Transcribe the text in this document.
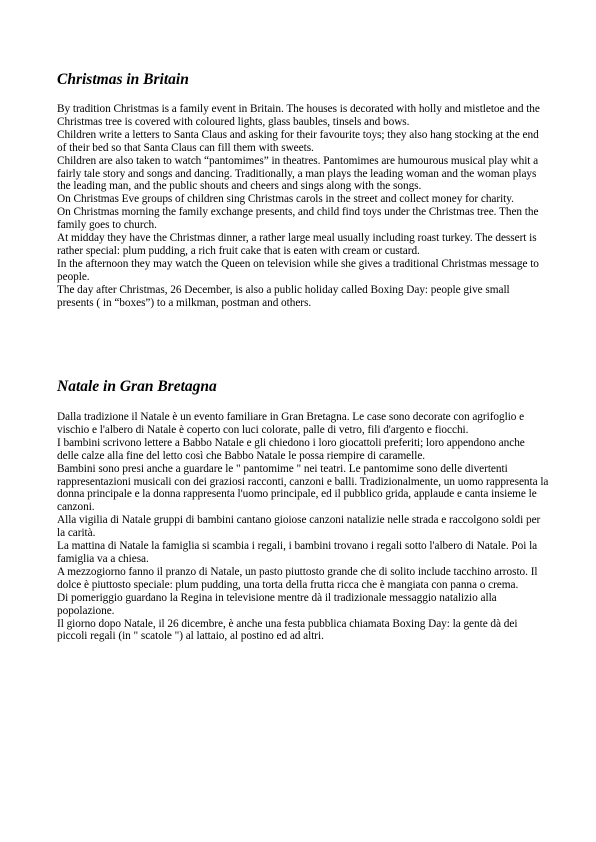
Christmas in Britain

By tradition Christmas is a family event in Britain. The houses is decorated with holly and mistletoe and the Christmas tree is covered with coloured lights, glass baubles, tinsels and bows.

Children write a letters to Santa Claus and asking for their favourite toys; they also hang stocking at the end of their bed so that Santa Claus can fill them with sweets.

Children are also taken to watch “pantomimes” in theatres. Pantomimes are humourous musical play whit a fairly tale story and songs and dancing. Traditionally, a man plays the leading woman and the woman plays the leading man, and the public shouts and cheers and sings along with the songs.

On Christmas Eve groups of children sing Christmas carols in the street and collect money for charity.

On Christmas morning the family exchange presents, and child find toys under the Christmas tree. Then the family goes to church.

At midday they have the Christmas dinner, a rather large meal usually including roast turkey. The dessert is rather special: plum pudding, a rich fruit cake that is eaten with cream or custard.

In the afternoon they may watch the Queen on television while she gives a traditional Christmas message to people.

The day after Christmas, 26 December, is also a public holiday called Boxing Day: people give small presents ( in “boxes”) to a milkman, postman and others.

Natale in Gran Bretagna

Dalla tradizione il Natale è un evento familiare in Gran Bretagna. Le case sono decorate con agrifoglio e vischio e l'albero di Natale è coperto con luci colorate, palle di vetro, fili d'argento e fiocchi.

I bambini scrivono lettere a Babbo Natale e gli chiedono i loro giocattoli preferiti; loro appendono anche delle calze alla fine del letto così che Babbo Natale le possa riempire di caramelle.

Bambini sono presi anche a guardare le " pantomime " nei teatri. Le pantomime sono delle divertenti rappresentazioni musicali con dei graziosi racconti, canzoni e balli. Tradizionalmente, un uomo rappresenta la donna principale e la donna rappresenta l'uomo principale, ed il pubblico grida, applaude e canta insieme le canzoni.

Alla vigilia di Natale gruppi di bambini cantano gioiose canzoni natalizie nelle strada e raccolgono soldi per la carità.

La mattina di Natale la famiglia si scambia i regali, i bambini trovano i regali sotto l'albero di Natale. Poi la famiglia va a chiesa.

A mezzogiorno fanno il pranzo di Natale, un pasto piuttosto grande che di solito include tacchino arrosto. Il dolce è piuttosto speciale: plum pudding, una torta della frutta ricca che è mangiata con panna o crema.

Di pomeriggio guardano la Regina in televisione mentre dà il tradizionale messaggio natalizio alla popolazione.

Il giorno dopo Natale, il 26 dicembre, è anche una festa pubblica chiamata Boxing Day: la gente dà dei piccoli regali (in " scatole ") al lattaio, al postino ed ad altri.
